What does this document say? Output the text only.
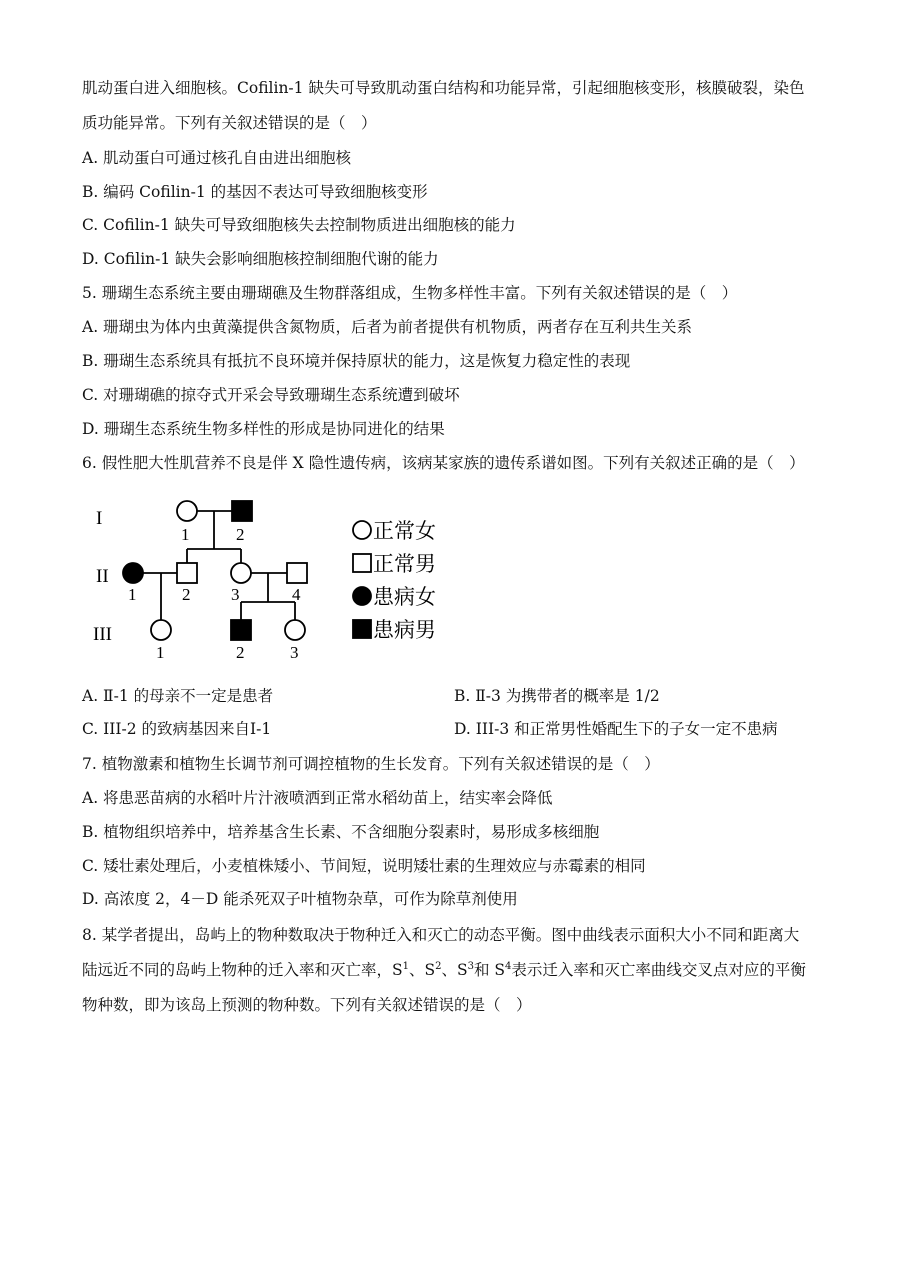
肌动蛋白进入细胞核。Cofilin-1 缺失可导致肌动蛋白结构和功能异常，引起细胞核变形，核膜破裂，染色
质功能异常。下列有关叙述错误的是（　）
A. 肌动蛋白可通过核孔自由进出细胞核
B. 编码 Cofilin-1 的基因不表达可导致细胞核变形
C. Cofilin-1 缺失可导致细胞核失去控制物质进出细胞核的能力
D. Cofilin-1 缺失会影响细胞核控制细胞代谢的能力
5. 珊瑚生态系统主要由珊瑚礁及生物群落组成，生物多样性丰富。下列有关叙述错误的是（　）
A. 珊瑚虫为体内虫黄藻提供含氮物质，后者为前者提供有机物质，两者存在互利共生关系
B. 珊瑚生态系统具有抵抗不良环境并保持原状的能力，这是恢复力稳定性的表现
C. 对珊瑚礁的掠夺式开采会导致珊瑚生态系统遭到破坏
D. 珊瑚生态系统生物多样性的形成是协同进化的结果
6. 假性肥大性肌营养不良是伴 X 隐性遗传病，该病某家族的遗传系谱如图。下列有关叙述正确的是（　）
I
II
III
1	2
1	2 3	4
1	2	3
正常女
正常男
患病女
患病男
A. Ⅱ-1 的母亲不一定是患者	B. Ⅱ-3 为携带者的概率是 1/2
C. III-2 的致病基因来自Ⅰ-1	D. III-3 和正常男性婚配生下的子女一定不患病
7. 植物激素和植物生长调节剂可调控植物的生长发育。下列有关叙述错误的是（　）
A. 将患恶苗病的水稻叶片汁液喷洒到正常水稻幼苗上，结实率会降低
B. 植物组织培养中，培养基含生长素、不含细胞分裂素时，易形成多核细胞
C. 矮壮素处理后，小麦植株矮小、节间短，说明矮壮素的生理效应与赤霉素的相同
D. 高浓度 2，4－D 能杀死双子叶植物杂草，可作为除草剂使用
8. 某学者提出，岛屿上的物种数取决于物种迁入和灭亡的动态平衡。图中曲线表示面积大小不同和距离大
陆远近不同的岛屿上物种的迁入率和灭亡率，$S^1$、$S^2$、$S^3$和 $S^4$表示迁入率和灭亡率曲线交叉点对应的平衡
物种数，即为该岛上预测的物种数。下列有关叙述错误的是（　）
